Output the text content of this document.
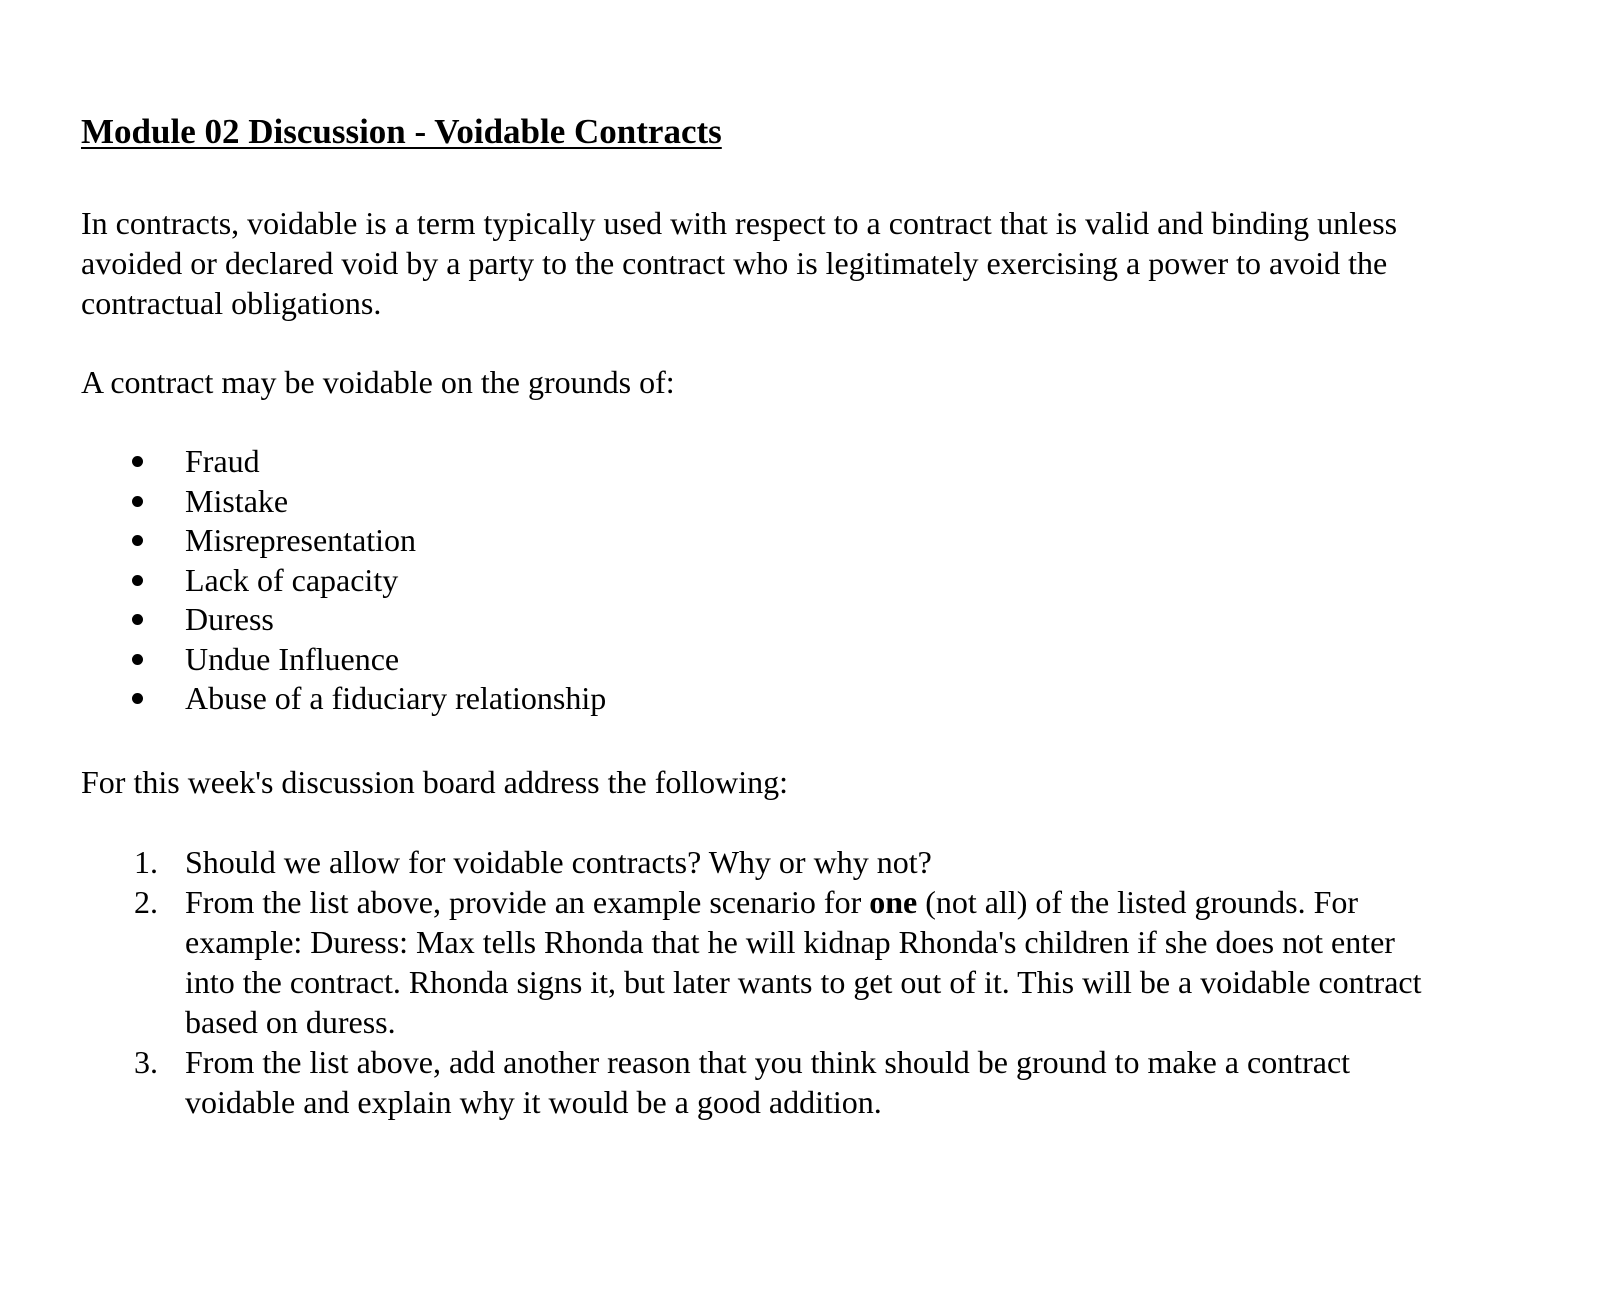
Module 02 Discussion - Voidable Contracts

In contracts, voidable is a term typically used with respect to a contract that is valid and binding unless avoided or declared void by a party to the contract who is legitimately exercising a power to avoid the contractual obligations.

A contract may be voidable on the grounds of:

Fraud
Mistake
Misrepresentation
Lack of capacity
Duress
Undue Influence
Abuse of a fiduciary relationship

For this week's discussion board address the following:

1. Should we allow for voidable contracts? Why or why not?
2. From the list above, provide an example scenario for one (not all) of the listed grounds. For example: Duress: Max tells Rhonda that he will kidnap Rhonda's children if she does not enter into the contract. Rhonda signs it, but later wants to get out of it. This will be a voidable contract based on duress.
3. From the list above, add another reason that you think should be ground to make a contract voidable and explain why it would be a good addition.
